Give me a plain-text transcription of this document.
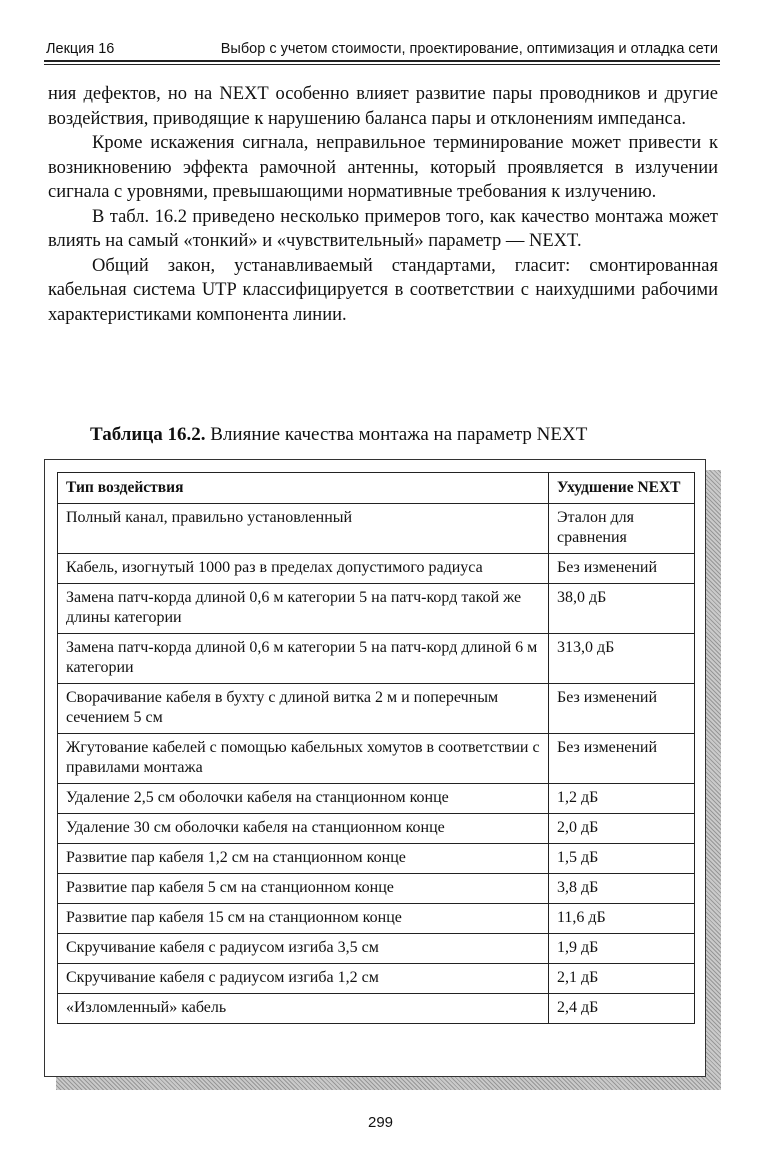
Лекция 16	Выбор с учетом стоимости, проектирование, оптимизация и отладка сети

ния дефектов, но на NEXT особенно влияет развитие пары проводников и другие воздействия, приводящие к нарушению баланса пары и отклонениям импеданса.

Кроме искажения сигнала, неправильное терминирование может привести к возникновению эффекта рамочной антенны, который проявляется в излучении сигнала с уровнями, превышающими нормативные требования к излучению.

В табл. 16.2 приведено несколько примеров того, как качество монтажа может влиять на самый «тонкий» и «чувствительный» параметр — NEXT.

Общий закон, устанавливаемый стандартами, гласит: смонтированная кабельная система UTP классифицируется в соответствии с наихудшими рабочими характеристиками компонента линии.

Таблица 16.2. Влияние качества монтажа на параметр NEXT
Тип воздействия	Ухудшение NEXT
Полный канал, правильно установленный	Эталон для сравнения
Кабель, изогнутый 1000 раз в пределах допустимого радиуса	Без изменений
Замена патч-корда длиной 0,6 м категории 5 на патч-корд такой же длины категории	38,0 дБ
Замена патч-корда длиной 0,6 м категории 5 на патч-корд длиной 6 м категории	313,0 дБ
Сворачивание кабеля в бухту с длиной витка 2 м и поперечным сечением 5 см	Без изменений
Жгутование кабелей с помощью кабельных хомутов в соответствии с правилами монтажа	Без изменений
Удаление 2,5 см оболочки кабеля на станционном конце	1,2 дБ
Удаление 30 см оболочки кабеля на станционном конце	2,0 дБ
Развитие пар кабеля 1,2 см на станционном конце	1,5 дБ
Развитие пар кабеля 5 см на станционном конце	3,8 дБ
Развитие пар кабеля 15 см на станционном конце	11,6 дБ
Скручивание кабеля с радиусом изгиба 3,5 см	1,9 дБ
Скручивание кабеля с радиусом изгиба 1,2 см	2,1 дБ
«Изломленный» кабель	2,4 дБ
299
